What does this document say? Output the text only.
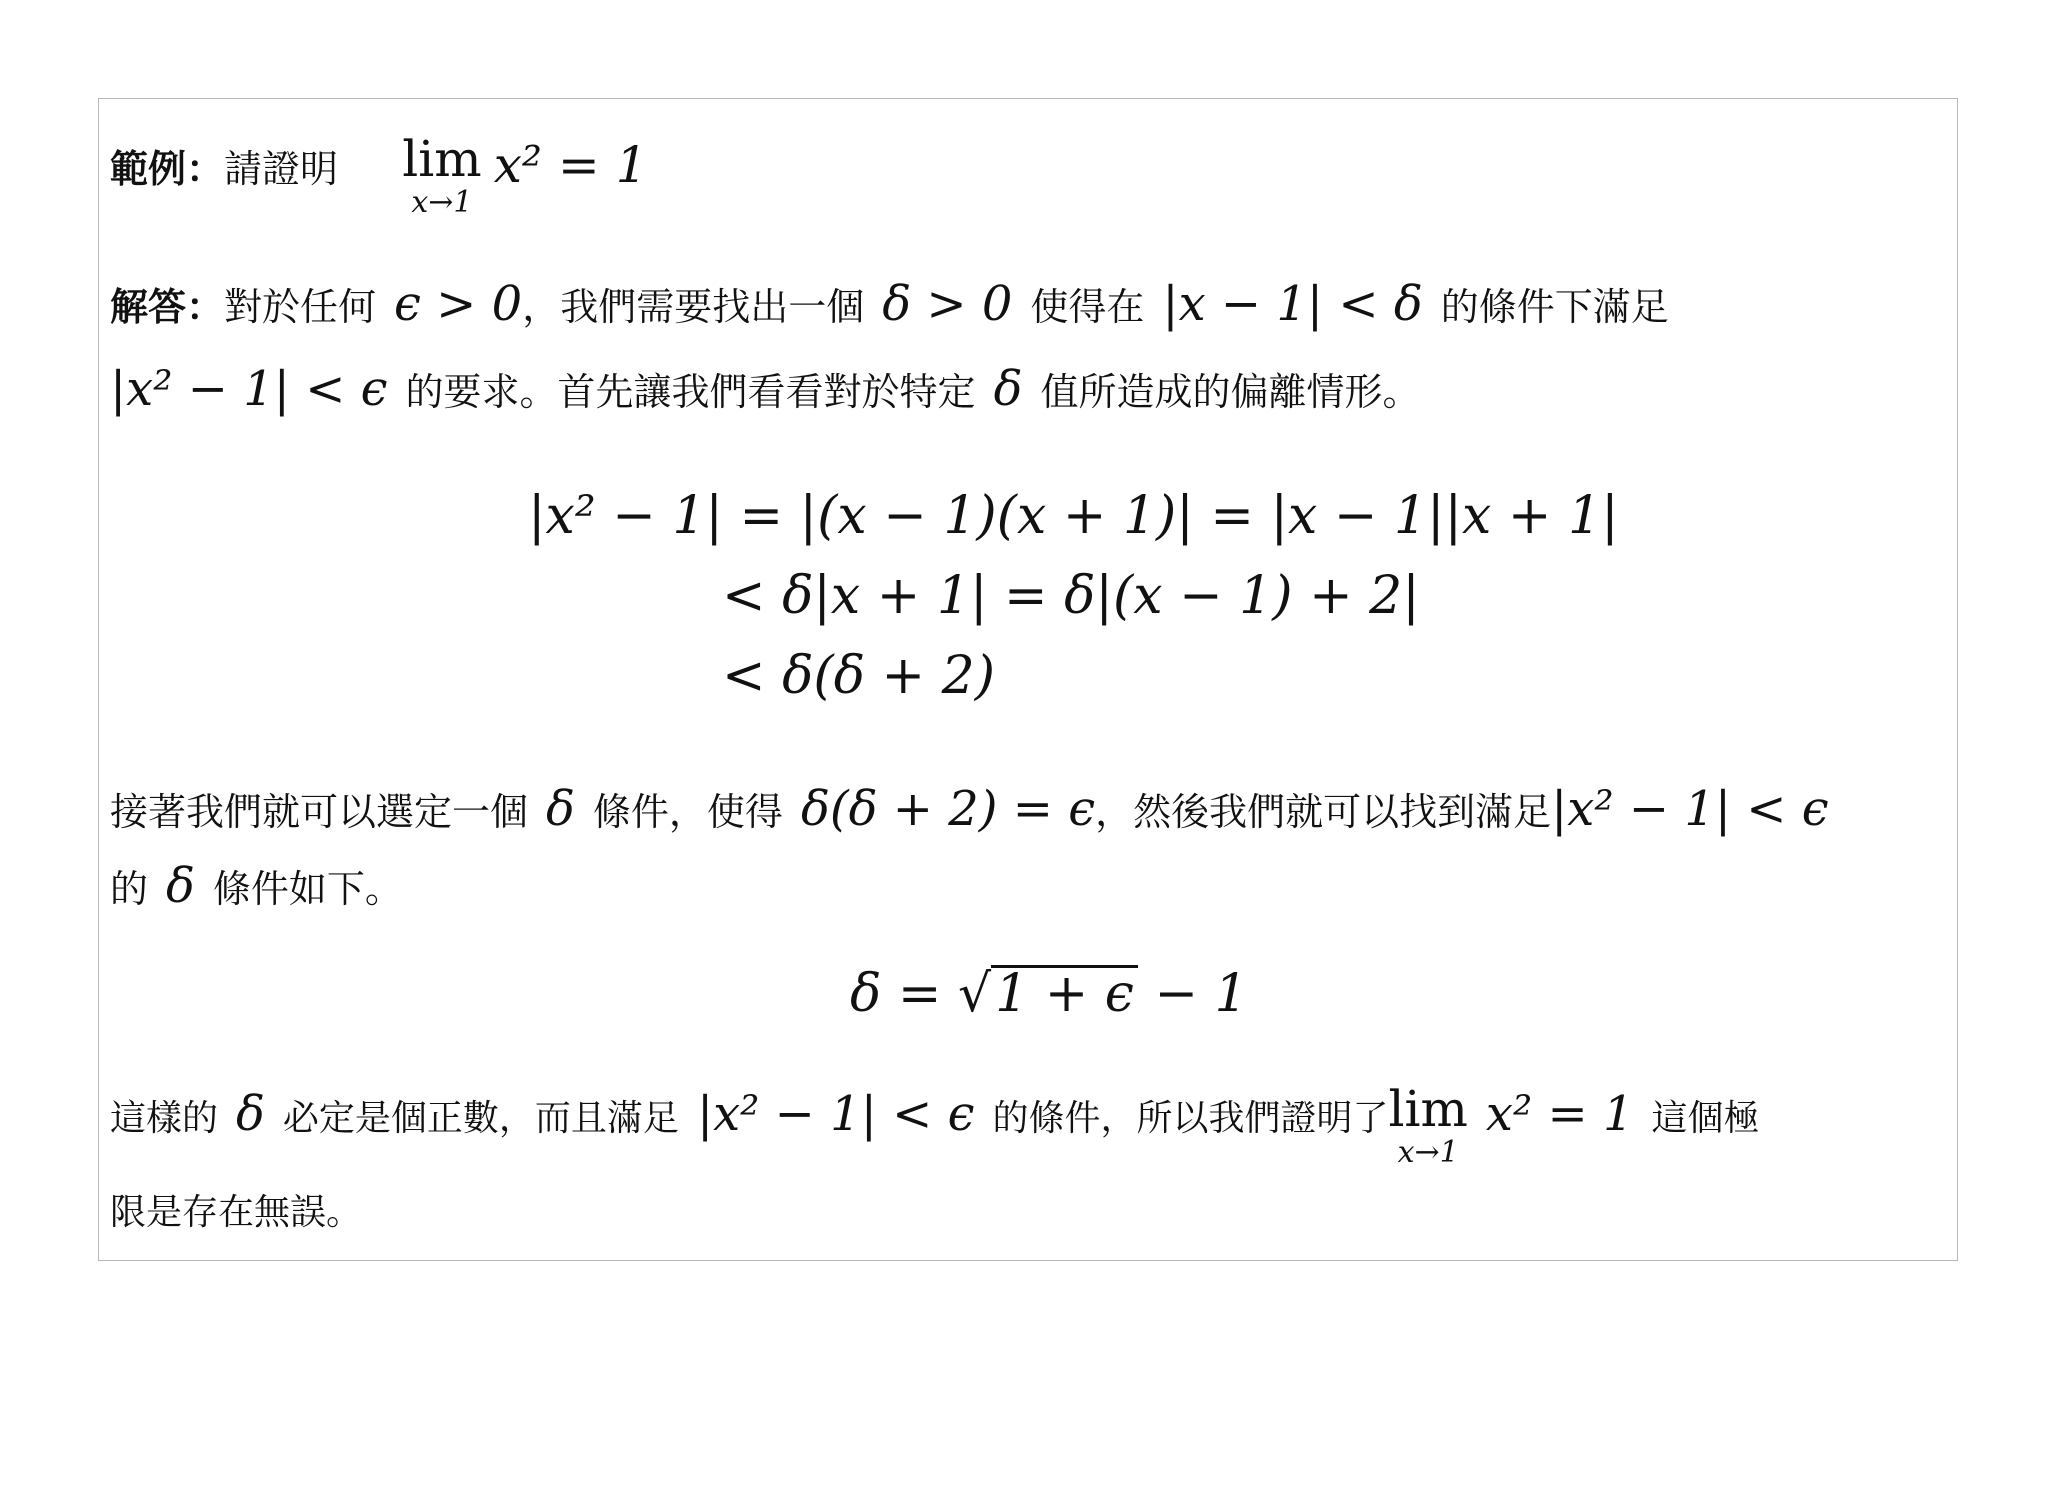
範例：請證明 lim
x→1
x² = 1
解答：對於任何 ϵ > 0，我們需要找出一個 δ > 0 使得在 |x − 1| < δ 的條件下滿足
|x² − 1| < ϵ 的要求。首先讓我們看看對於特定 δ 值所造成的偏離情形。
|x² − 1| = |(x − 1)(x + 1)| = |x − 1||x + 1|
< δ|x + 1| = δ|(x − 1) + 2|
< δ(δ + 2)
接著我們就可以選定一個 δ 條件，使得 δ(δ + 2) = ϵ，然後我們就可以找到滿足|x² − 1| < ϵ
的 δ 條件如下。
δ = √1 + ϵ − 1
這樣的 δ 必定是個正數，而且滿足 |x² − 1| < ϵ 的條件，所以我們證明了 lim
x→1
x² = 1 這個極
限是存在無誤。
